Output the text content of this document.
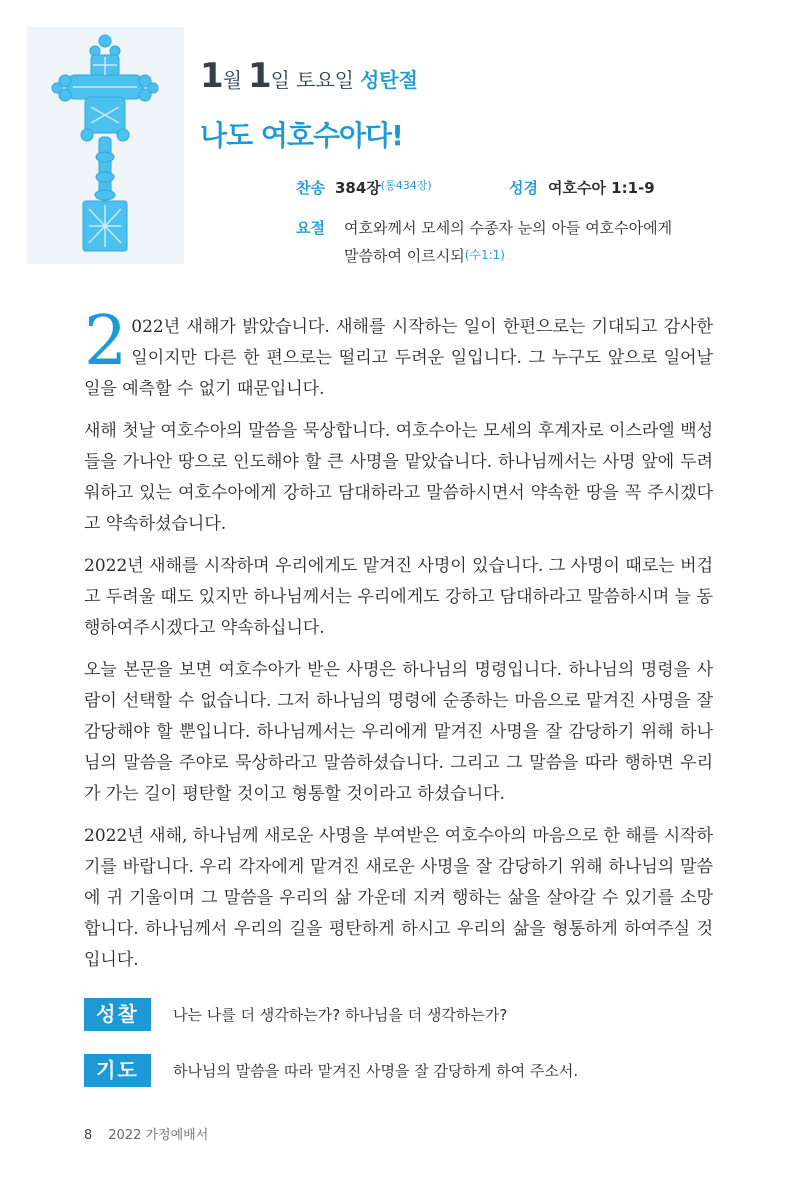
1월 1일 토요일 성탄절
나도 여호수아다!
찬송 384장$^{(통434장)}$	성경 여호수아 1:1-9
요절	여호와께서 모세의 수종자 눈의 아들 여호수아에게 말씀하여 이르시되(수1:1)

2 022년 새해가 밝았습니다. 새해를 시작하는 일이 한편으로는 기대되고 감사한 일이지만 다른 한 편으로는 떨리고 두려운 일입니다. 그 누구도 앞으로 일어날 일을 예측할 수 없기 때문입니다.

새해 첫날 여호수아의 말씀을 묵상합니다. 여호수아는 모세의 후계자로 이스라엘 백성들을 가나안 땅으로 인도해야 할 큰 사명을 맡았습니다. 하나님께서는 사명 앞에 두려워하고 있는 여호수아에게 강하고 담대하라고 말씀하시면서 약속한 땅을 꼭 주시겠다고 약속하셨습니다.

2022년 새해를 시작하며 우리에게도 맡겨진 사명이 있습니다. 그 사명이 때로는 버겁고 두려울 때도 있지만 하나님께서는 우리에게도 강하고 담대하라고 말씀하시며 늘 동행하여주시겠다고 약속하십니다.

오늘 본문을 보면 여호수아가 받은 사명은 하나님의 명령입니다. 하나님의 명령을 사람이 선택할 수 없습니다. 그저 하나님의 명령에 순종하는 마음으로 맡겨진 사명을 잘 감당해야 할 뿐입니다. 하나님께서는 우리에게 맡겨진 사명을 잘 감당하기 위해 하나님의 말씀을 주야로 묵상하라고 말씀하셨습니다. 그리고 그 말씀을 따라 행하면 우리가 가는 길이 평탄할 것이고 형통할 것이라고 하셨습니다.

2022년 새해, 하나님께 새로운 사명을 부여받은 여호수아의 마음으로 한 해를 시작하기를 바랍니다. 우리 각자에게 맡겨진 새로운 사명을 잘 감당하기 위해 하나님의 말씀에 귀 기울이며 그 말씀을 우리의 삶 가운데 지켜 행하는 삶을 살아갈 수 있기를 소망합니다. 하나님께서 우리의 길을 평탄하게 하시고 우리의 삶을 형통하게 하여주실 것입니다.

성찰	나는 나를 더 생각하는가? 하나님을 더 생각하는가?
기도	하나님의 말씀을 따라 맡겨진 사명을 잘 감당하게 하여 주소서.
8 2022 가정예배서
